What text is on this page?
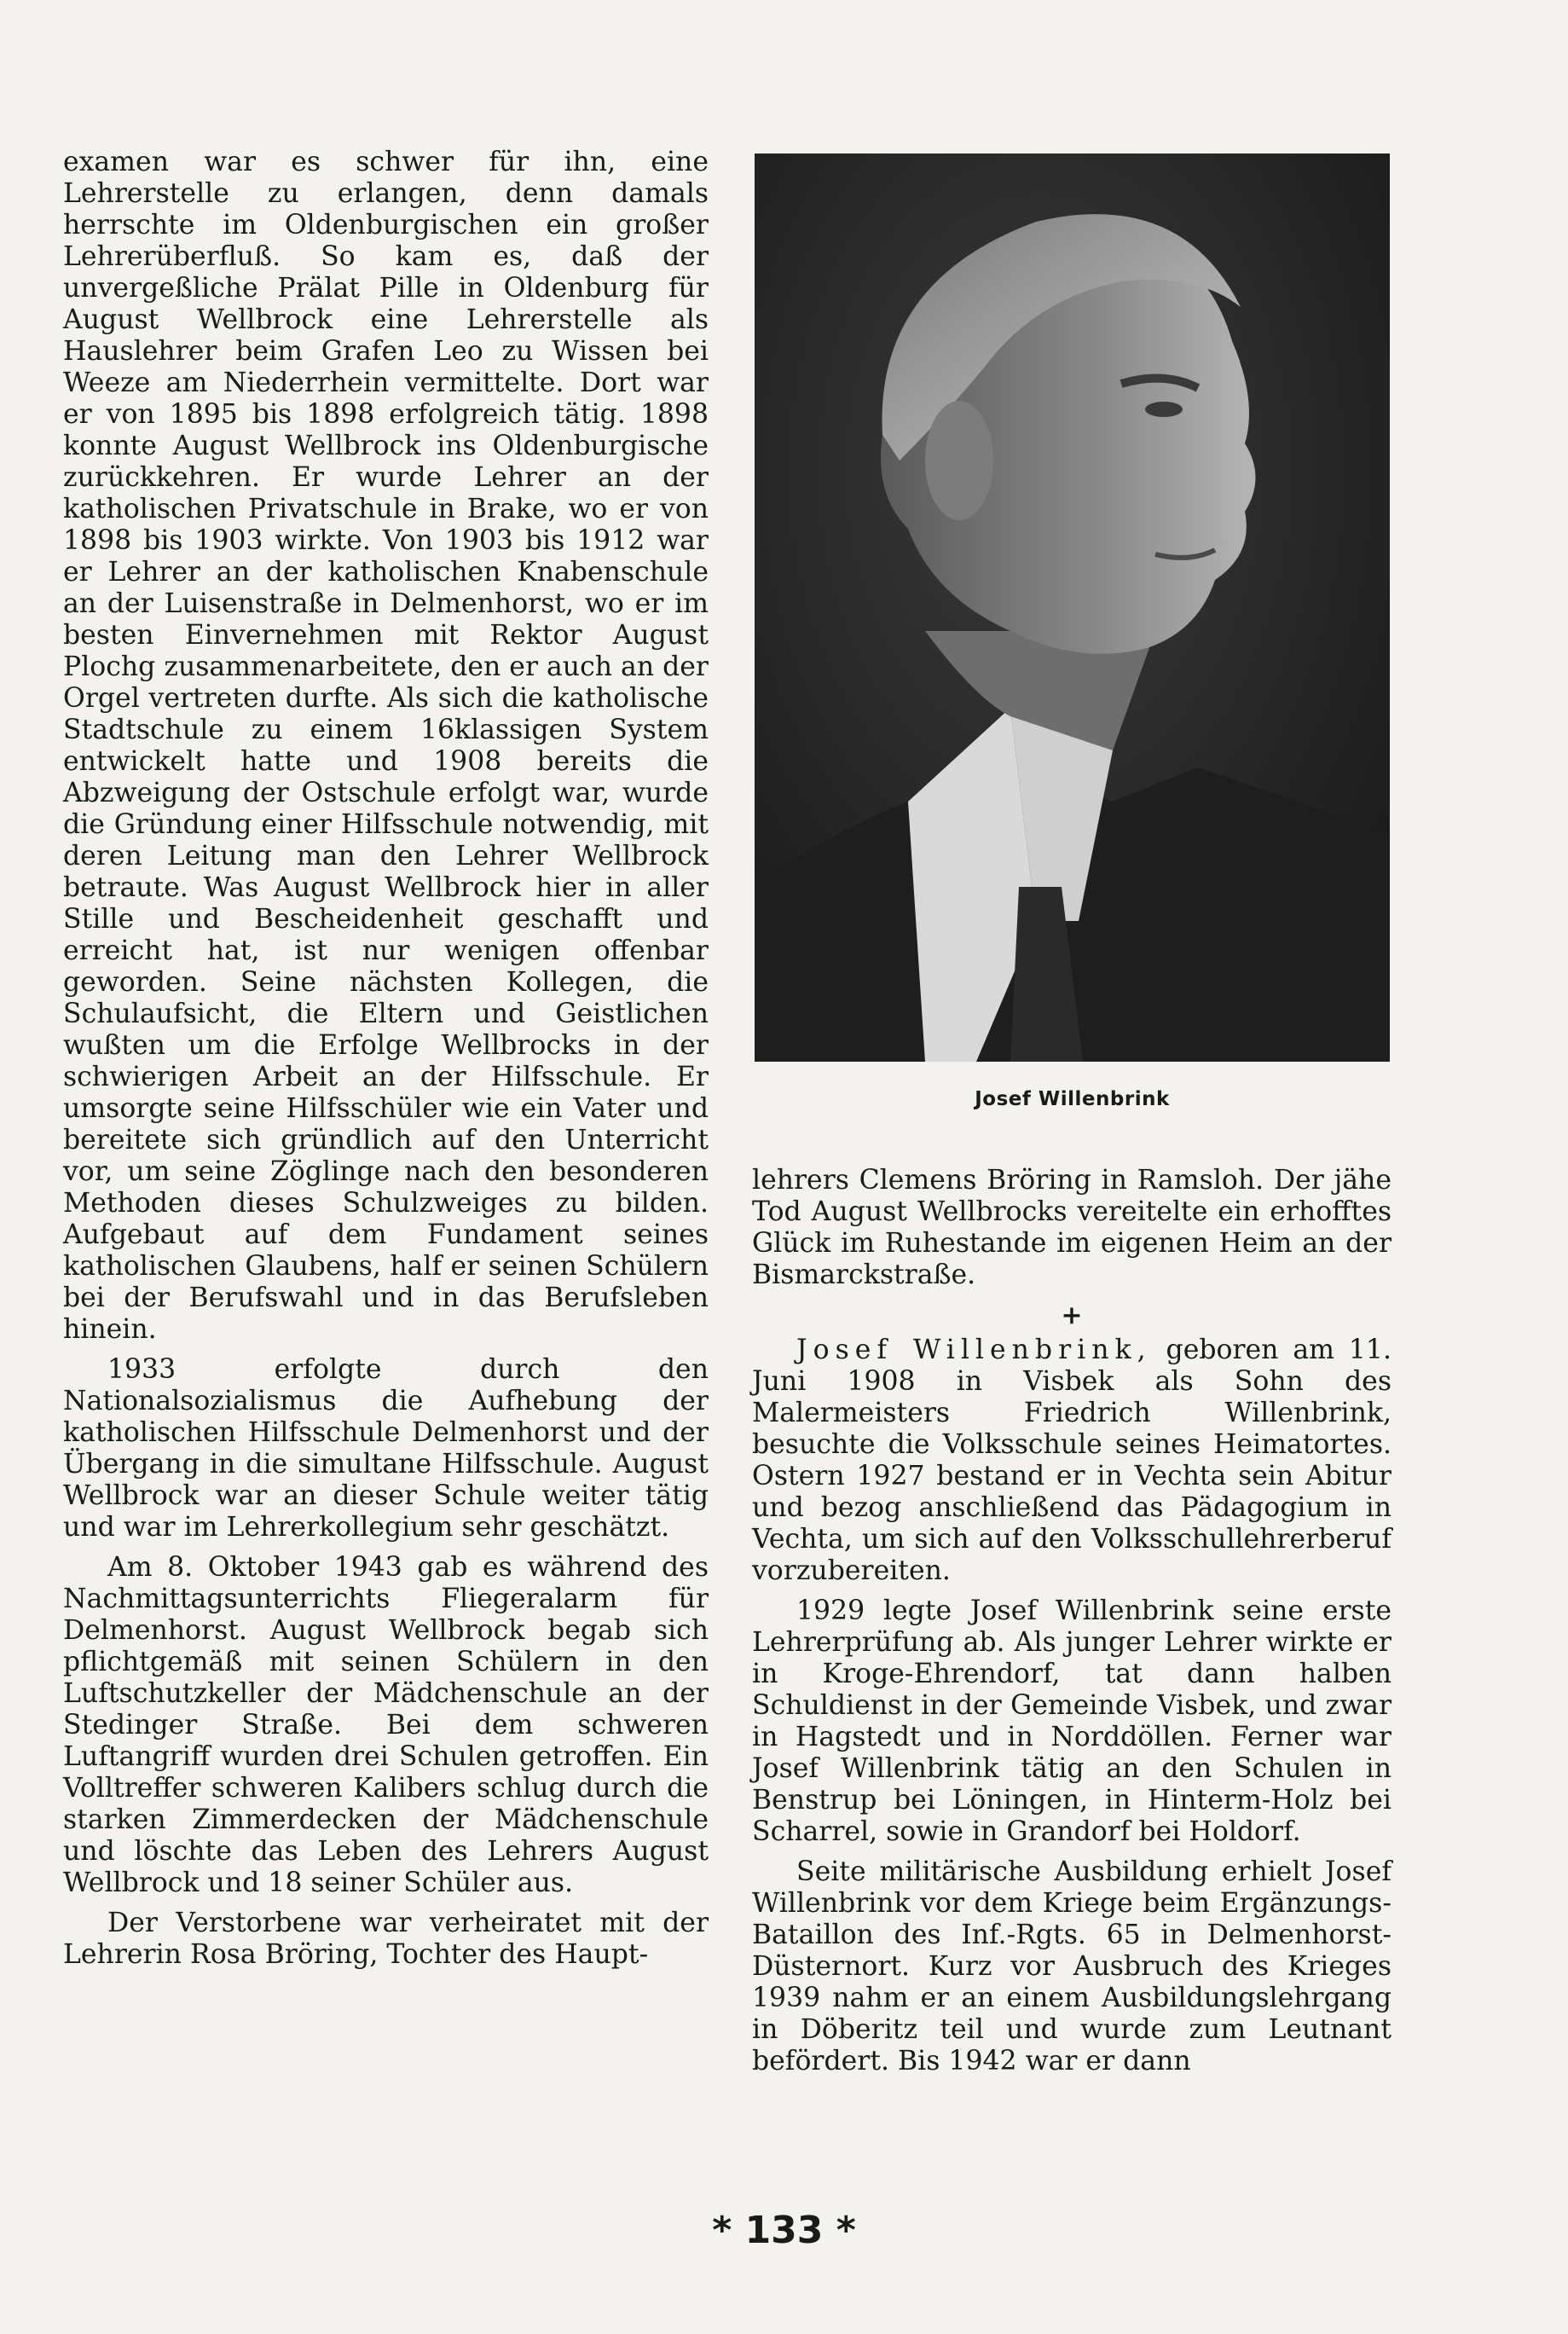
examen war es schwer für ihn, eine Lehrerstelle zu erlangen, denn damals herrschte im Oldenburgischen ein großer Lehrerüberfluß. So kam es, daß der unvergeßliche Prälat Pille in Oldenburg für August Wellbrock eine Lehrerstelle als Hauslehrer beim Grafen Leo zu Wissen bei Weeze am Niederrhein vermittelte. Dort war er von 1895 bis 1898 erfolgreich tätig. 1898 konnte August Wellbrock ins Oldenburgische zurückkehren. Er wurde Lehrer an der katholischen Privatschule in Brake, wo er von 1898 bis 1903 wirkte. Von 1903 bis 1912 war er Lehrer an der katholischen Knabenschule an der Luisenstraße in Delmenhorst, wo er im besten Einvernehmen mit Rektor August Plochg zusammenarbeitete, den er auch an der Orgel vertreten durfte. Als sich die katholische Stadtschule zu einem 16klassigen System entwickelt hatte und 1908 bereits die Abzweigung der Ostschule erfolgt war, wurde die Gründung einer Hilfsschule notwendig, mit deren Leitung man den Lehrer Wellbrock betraute. Was August Wellbrock hier in aller Stille und Bescheidenheit geschafft und erreicht hat, ist nur wenigen offenbar geworden. Seine nächsten Kollegen, die Schulaufsicht, die Eltern und Geistlichen wußten um die Erfolge Wellbrocks in der schwierigen Arbeit an der Hilfsschule. Er umsorgte seine Hilfsschüler wie ein Vater und bereitete sich gründlich auf den Unterricht vor, um seine Zöglinge nach den besonderen Methoden dieses Schulzweiges zu bilden. Aufgebaut auf dem Fundament seines katholischen Glaubens, half er seinen Schülern bei der Berufswahl und in das Berufsleben hinein.

1933 erfolgte durch den Nationalsozialismus die Aufhebung der katholischen Hilfsschule Delmenhorst und der Übergang in die simultane Hilfsschule. August Wellbrock war an dieser Schule weiter tätig und war im Lehrerkollegium sehr geschätzt.

Am 8. Oktober 1943 gab es während des Nachmittagsunterrichts Fliegeralarm für Delmenhorst. August Wellbrock begab sich pflichtgemäß mit seinen Schülern in den Luftschutzkeller der Mädchenschule an der Stedinger Straße. Bei dem schweren Luftangriff wurden drei Schulen getroffen. Ein Volltreffer schweren Kalibers schlug durch die starken Zimmerdecken der Mädchenschule und löschte das Leben des Lehrers August Wellbrock und 18 seiner Schüler aus.

Der Verstorbene war verheiratet mit der Lehrerin Rosa Bröring, Tochter des Haupt-

Josef Willenbrink

lehrers Clemens Bröring in Ramsloh. Der jähe Tod August Wellbrocks vereitelte ein erhofftes Glück im Ruhestande im eigenen Heim an der Bismarckstraße.

+

Josef Willenbrink, geboren am 11. Juni 1908 in Visbek als Sohn des Malermeisters Friedrich Willenbrink, besuchte die Volksschule seines Heimatortes. Ostern 1927 bestand er in Vechta sein Abitur und bezog anschließend das Pädagogium in Vechta, um sich auf den Volksschullehrerberuf vorzubereiten.

1929 legte Josef Willenbrink seine erste Lehrerprüfung ab. Als junger Lehrer wirkte er in Kroge-Ehrendorf, tat dann halben Schuldienst in der Gemeinde Visbek, und zwar in Hagstedt und in Norddöllen. Ferner war Josef Willenbrink tätig an den Schulen in Benstrup bei Löningen, in Hinterm-Holz bei Scharrel, sowie in Grandorf bei Holdorf.

Seite militärische Ausbildung erhielt Josef Willenbrink vor dem Kriege beim Ergänzungs-Bataillon des Inf.-Rgts. 65 in Delmenhorst-Düsternort. Kurz vor Ausbruch des Krieges 1939 nahm er an einem Ausbildungslehrgang in Döberitz teil und wurde zum Leutnant befördert. Bis 1942 war er dann

* 133 *
